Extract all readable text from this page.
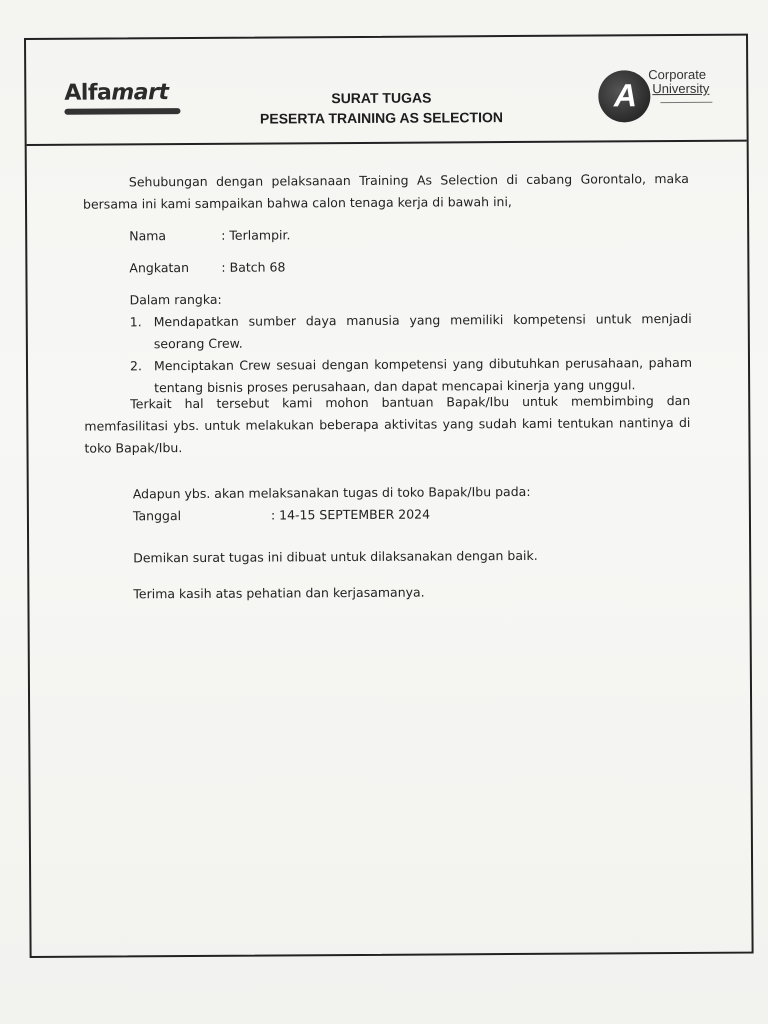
Alfamart	SURAT TUGAS
PESERTA TRAINING AS SELECTION
A
Corporate
University
Sehubungan dengan pelaksanaan Training As Selection di cabang Gorontalo, maka bersama ini kami sampaikan bahwa calon tenaga kerja di bawah ini,
Nama	: Terlampir.
Angkatan	: Batch 68
Dalam rangka:
1. Mendapatkan sumber daya manusia yang memiliki kompetensi untuk menjadi seorang Crew.
2. Menciptakan Crew sesuai dengan kompetensi yang dibutuhkan perusahaan, paham tentang bisnis proses perusahaan, dan dapat mencapai kinerja yang unggul.
Terkait hal tersebut kami mohon bantuan Bapak/Ibu untuk membimbing dan memfasilitasi ybs. untuk melakukan beberapa aktivitas yang sudah kami tentukan nantinya di toko Bapak/Ibu.
Adapun ybs. akan melaksanakan tugas di toko Bapak/Ibu pada:
Tanggal	: 14-15 SEPTEMBER 2024
Demikan surat tugas ini dibuat untuk dilaksanakan dengan baik.
Terima kasih atas pehatian dan kerjasamanya.
